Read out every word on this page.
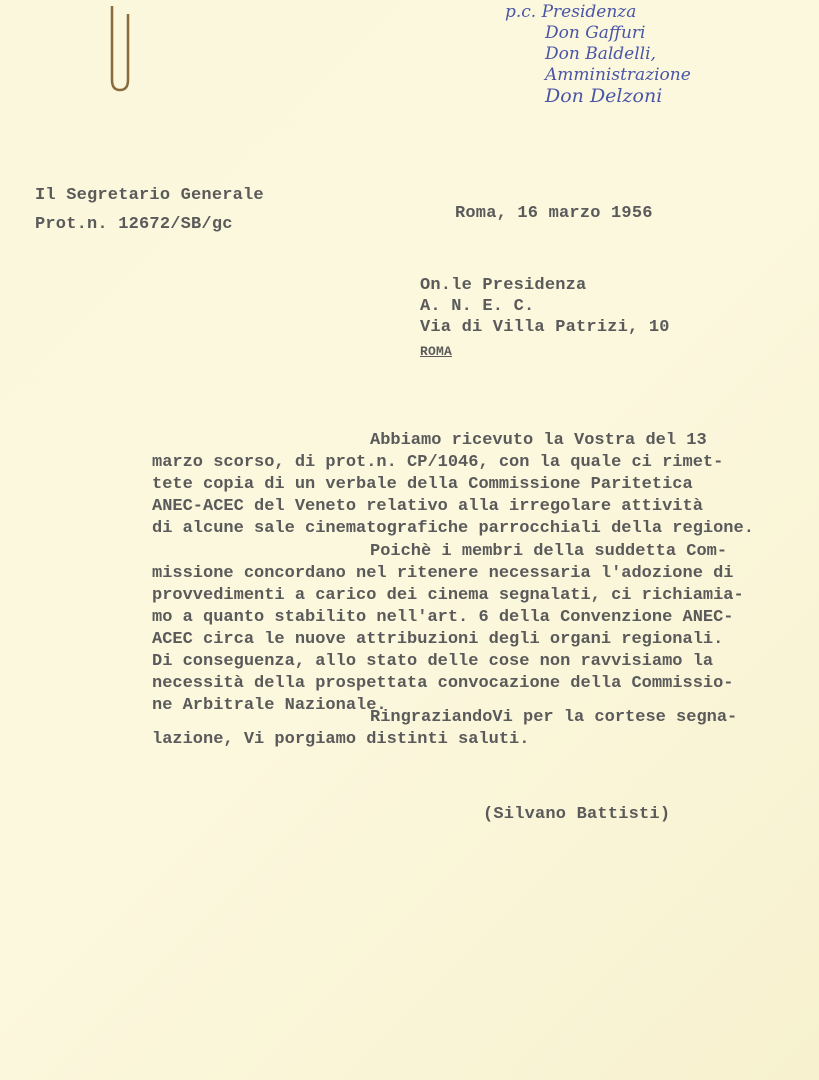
p.c. Presidenza
Don Gaffuri
Don Baldelli,
Amministrazione
Don Delzoni
Il Segretario Generale
Prot.n. 12672/SB/gc
Roma, 16 marzo 1956
On.le Presidenza
A. N. E. C.
Via di Villa Patrizi, 10
ROMA
Abbiamo ricevuto la Vostra del 13
marzo scorso, di prot.n. CP/1046, con la quale ci rimet-
tete copia di un verbale della Commissione Paritetica
ANEC-ACEC del Veneto relativo alla irregolare attività
di alcune sale cinematografiche parrocchiali della regione.
Poichè i membri della suddetta Com-
missione concordano nel ritenere necessaria l'adozione di
provvedimenti a carico dei cinema segnalati, ci richiamia-
mo a quanto stabilito nell'art. 6 della Convenzione ANEC-
ACEC circa le nuove attribuzioni degli organi regionali.
Di conseguenza, allo stato delle cose non ravvisiamo la
necessità della prospettata convocazione della Commissio-
ne Arbitrale Nazionale.
RingraziandoVi per la cortese segna-
lazione, Vi porgiamo distinti saluti.
(Silvano Battisti)
